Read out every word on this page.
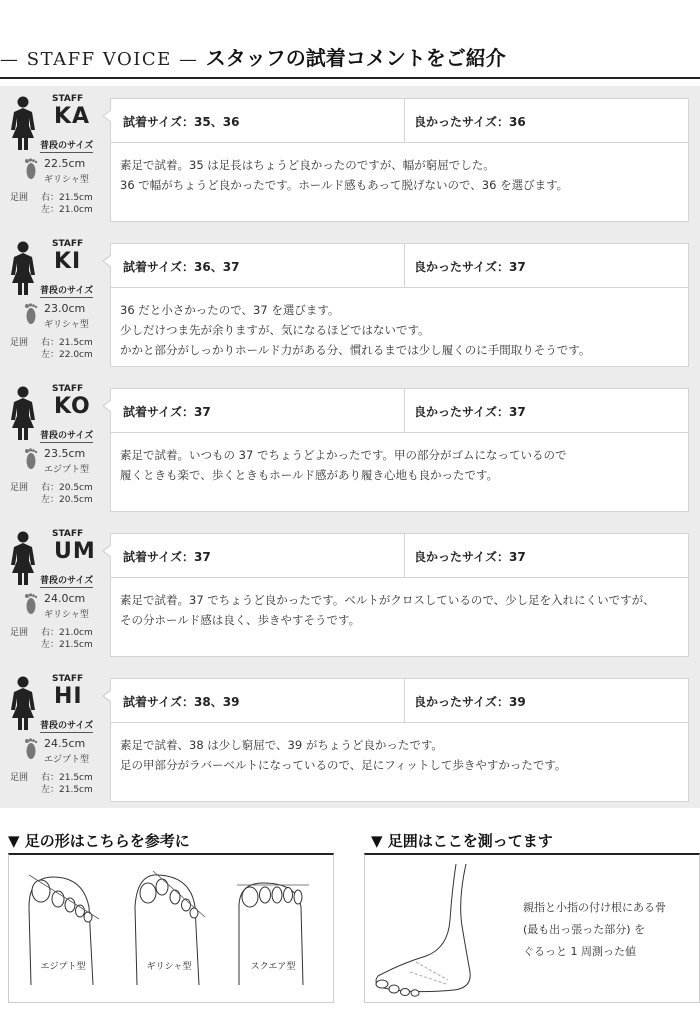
— STAFF VOICE — スタッフの試着コメントをご紹介
STAFF
KA
普段のサイズ
22.5cm
ギリシャ型
足囲 右：21.5cm
左：21.0cm
試着サイズ：35、36	良かったサイズ：36
素足で試着。35 は足長はちょうど良かったのですが、幅が窮屈でした。
36 で幅がちょうど良かったです。ホールド感もあって脱げないので、36 を選びます。
STAFF
KI
普段のサイズ
23.0cm
ギリシャ型
足囲 右：21.5cm
左：22.0cm
試着サイズ：36、37	良かったサイズ：37
36 だと小さかったので、37 を選びます。
少しだけつま先が余りますが、気になるほどではないです。
かかと部分がしっかりホールド力がある分、慣れるまでは少し履くのに手間取りそうです。
STAFF
KO
普段のサイズ
23.5cm
エジプト型
足囲 右：20.5cm
左：20.5cm
試着サイズ：37	良かったサイズ：37
素足で試着。いつもの 37 でちょうどよかったです。甲の部分がゴムになっているので
履くときも楽で、歩くときもホールド感があり履き心地も良かったです。
STAFF
UM
普段のサイズ
24.0cm
ギリシャ型
足囲 右：21.0cm
左：21.5cm
試着サイズ：37	良かったサイズ：37
素足で試着。37 でちょうど良かったです。ベルトがクロスしているので、少し足を入れにくいですが、
その分ホールド感は良く、歩きやすそうです。
STAFF
HI
普段のサイズ
24.5cm
エジプト型
足囲 右：21.5cm
左：21.5cm
試着サイズ：38、39	良かったサイズ：39
素足で試着、38 は少し窮屈で、39 がちょうど良かったです。
足の甲部分がラバーベルトになっているので、足にフィットして歩きやすかったです。
▼ 足の形はこちらを参考に
エジプト型	ギリシャ型	スクエア型
▼ 足囲はここを測ってます
親指と小指の付け根にある骨
(最も出っ張った部分) を
ぐるっと 1 周測った値
